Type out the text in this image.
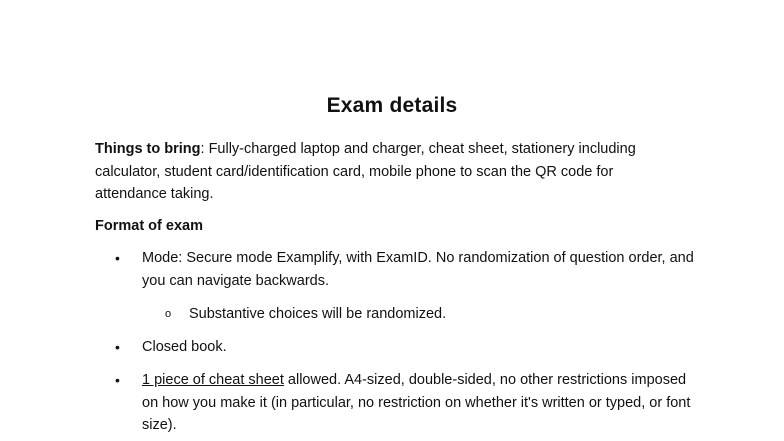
Exam details
Things to bring: Fully-charged laptop and charger, cheat sheet, stationery including calculator, student card/identification card, mobile phone to scan the QR code for attendance taking.
Format of exam
•	Mode: Secure mode Examplify, with ExamID. No randomization of question order, and you can navigate backwards.
o	Substantive choices will be randomized.
•	Closed book.
•	1 piece of cheat sheet allowed. A4-sized, double-sided, no other restrictions imposed on how you make it (in particular, no restriction on whether it's written or typed, or font size).
